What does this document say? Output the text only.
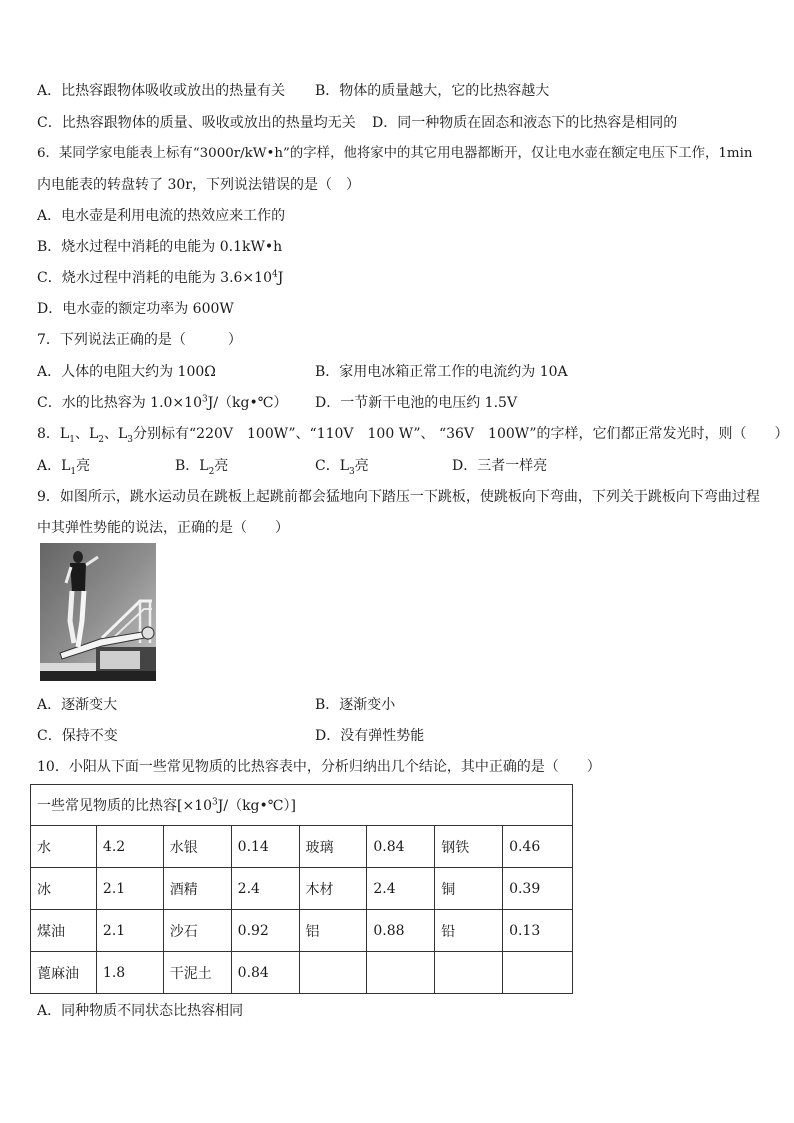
A．比热容跟物体吸收或放出的热量有关 B．物体的质量越大，它的比热容越大
C．比热容跟物体的质量、吸收或放出的热量均无关 D．同一种物质在固态和液态下的比热容是相同的
6．某同学家电能表上标有“3000r/kW•h”的字样，他将家中的其它用电器都断开，仅让电水壶在额定电压下工作，1min
内电能表的转盘转了 30r，下列说法错误的是（　）
A．电水壶是利用电流的热效应来工作的
B．烧水过程中消耗的电能为 0.1kW•h
C．烧水过程中消耗的电能为 $3.6\times 10^4J$
D．电水壶的额定功率为 600W
7．下列说法正确的是（　　　）
A．人体的电阻大约为 100Ω	B．家用电冰箱正常工作的电流约为 10A
C．水的比热容为 $1.0\times 10^3J/(kg•℃)$ D．一节新干电池的电压约 1.5V
8．$L_1$、$L_2$、$L_3$分别标有“220V　100W”、“110V　100 W”、 “36V　100W”的字样，它们都正常发光时，则（　　）
A．$L_1$亮	B．$L_2$亮	C．$L_3$亮	D．三者一样亮
9．如图所示，跳水运动员在跳板上起跳前都会猛地向下踏压一下跳板，使跳板向下弯曲，下列关于跳板向下弯曲过程
中其弹性势能的说法，正确的是（　　）
A．逐渐变大	B．逐渐变小
C．保持不变	D．没有弹性势能
10．小阳从下面一些常见物质的比热容表中，分析归纳出几个结论，其中正确的是（　　）
一些常见物质的比热容$[\times 10^3J/(kg•℃)]$							
水	4.2	水银	0.14	玻璃	0.84	钢铁	0.46
冰	2.1	酒精	2.4	木材	2.4	铜	0.39
煤油	2.1	沙石	0.92	铝	0.88	铅	0.13
蓖麻油	1.8	干泥土	0.84				
A．同种物质不同状态比热容相同
